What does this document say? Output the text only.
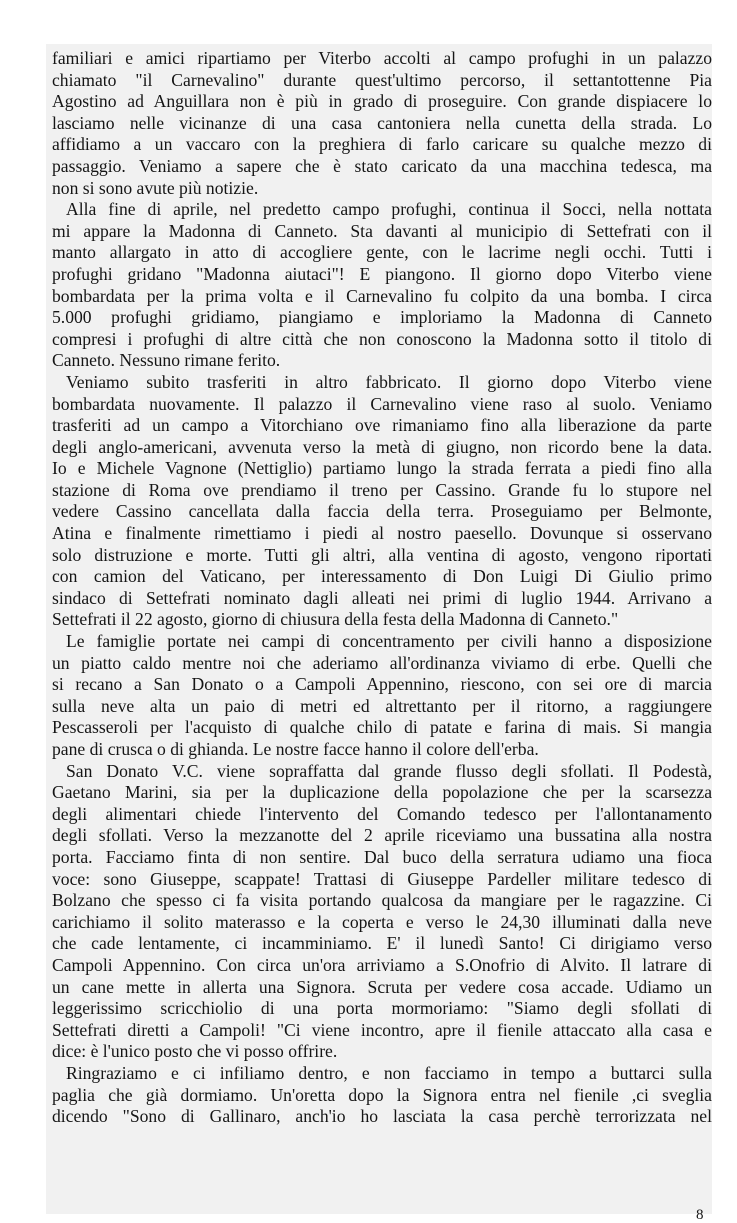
familiari e amici ripartiamo per Viterbo accolti al campo profughi in un palazzo

chiamato "il Carnevalino" durante quest'ultimo percorso, il settantottenne Pia

Agostino ad Anguillara non è più in grado di proseguire. Con grande dispiacere lo

lasciamo nelle vicinanze di una casa cantoniera nella cunetta della strada. Lo

affidiamo a un vaccaro con la preghiera di farlo caricare su qualche mezzo di

passaggio. Veniamo a sapere che è stato caricato da una macchina tedesca, ma

non si sono avute più notizie.

Alla fine di aprile, nel predetto campo profughi, continua il Socci, nella nottata

mi appare la Madonna di Canneto. Sta davanti al municipio di Settefrati con il

manto allargato in atto di accogliere gente, con le lacrime negli occhi. Tutti i

profughi gridano "Madonna aiutaci"! E piangono. Il giorno dopo Viterbo viene

bombardata per la prima volta e il Carnevalino fu colpito da una bomba. I circa

5.000 profughi gridiamo, piangiamo e imploriamo la Madonna di Canneto

compresi i profughi di altre città che non conoscono la Madonna sotto il titolo di

Canneto. Nessuno rimane ferito.

Veniamo subito trasferiti in altro fabbricato. Il giorno dopo Viterbo viene

bombardata nuovamente. Il palazzo il Carnevalino viene raso al suolo. Veniamo

trasferiti ad un campo a Vitorchiano ove rimaniamo fino alla liberazione da parte

degli anglo-americani, avvenuta verso la metà di giugno, non ricordo bene la data.

Io e Michele Vagnone (Nettiglio) partiamo lungo la strada ferrata a piedi fino alla

stazione di Roma ove prendiamo il treno per Cassino. Grande fu lo stupore nel

vedere Cassino cancellata dalla faccia della terra. Proseguiamo per Belmonte,

Atina e finalmente rimettiamo i piedi al nostro paesello. Dovunque si osservano

solo distruzione e morte. Tutti gli altri, alla ventina di agosto, vengono riportati

con camion del Vaticano, per interessamento di Don Luigi Di Giulio primo

sindaco di Settefrati nominato dagli alleati nei primi di luglio 1944. Arrivano a

Settefrati il 22 agosto, giorno di chiusura della festa della Madonna di Canneto."

Le famiglie portate nei campi di concentramento per civili hanno a disposizione

un piatto caldo mentre noi che aderiamo all'ordinanza viviamo di erbe. Quelli che

si recano a San Donato o a Campoli Appennino, riescono, con sei ore di marcia

sulla neve alta un paio di metri ed altrettanto per il ritorno, a raggiungere

Pescasseroli per l'acquisto di qualche chilo di patate e farina di mais. Si mangia

pane di crusca o di ghianda. Le nostre facce hanno il colore dell'erba.

San Donato V.C. viene sopraffatta dal grande flusso degli sfollati. Il Podestà,

Gaetano Marini, sia per la duplicazione della popolazione che per la scarsezza

degli alimentari chiede l'intervento del Comando tedesco per l'allontanamento

degli sfollati. Verso la mezzanotte del 2 aprile riceviamo una bussatina alla nostra

porta. Facciamo finta di non sentire. Dal buco della serratura udiamo una fioca

voce: sono Giuseppe, scappate! Trattasi di Giuseppe Pardeller militare tedesco di

Bolzano che spesso ci fa visita portando qualcosa da mangiare per le ragazzine. Ci

carichiamo il solito materasso e la coperta e verso le 24,30 illuminati dalla neve

che cade lentamente, ci incamminiamo. E' il lunedì Santo! Ci dirigiamo verso

Campoli Appennino. Con circa un'ora arriviamo a S.Onofrio di Alvito. Il latrare di

un cane mette in allerta una Signora. Scruta per vedere cosa accade. Udiamo un

leggerissimo scricchiolio di una porta mormoriamo: "Siamo degli sfollati di

Settefrati diretti a Campoli! "Ci viene incontro, apre il fienile attaccato alla casa e

dice: è l'unico posto che vi posso offrire.

Ringraziamo e ci infiliamo dentro, e non facciamo in tempo a buttarci sulla

paglia che già dormiamo. Un'oretta dopo la Signora entra nel fienile ,ci sveglia

dicendo "Sono di Gallinaro, anch'io ho lasciata la casa perchè terrorizzata nel

8
